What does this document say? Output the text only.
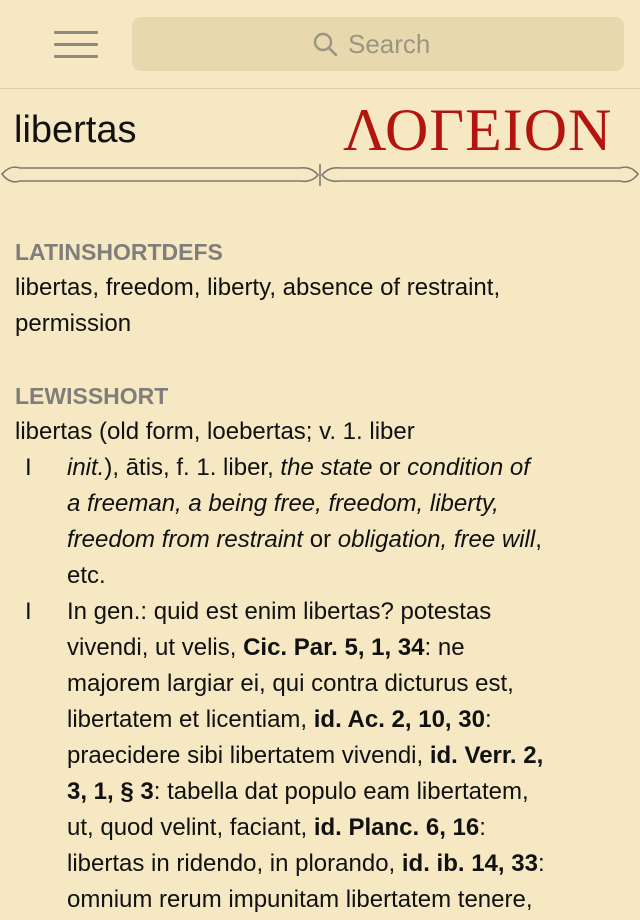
Search
libertas	ΛΟΓΕΙΟΝ
LATINSHORTDEFS
libertas, freedom, liberty, absence of restraint,
permission
LEWISSHORT
libertas (old form, loebertas; v. 1. liber
I init.), ātis, f. 1. liber, the state or condition of
a freeman, a being free, freedom, liberty,
freedom from restraint or obligation, free will,
etc.
I In gen.: quid est enim libertas? potestas
vivendi, ut velis, Cic. Par. 5, 1, 34: ne
majorem largiar ei, qui contra dicturus est,
libertatem et licentiam, id. Ac. 2, 10, 30:
praecidere sibi libertatem vivendi, id. Verr. 2,
3, 1, § 3: tabella dat populo eam libertatem,
ut, quod velint, faciant, id. Planc. 6, 16:
libertas in ridendo, in plorando, id. ib. 14, 33:
omnium rerum impunitam libertatem tenere,
